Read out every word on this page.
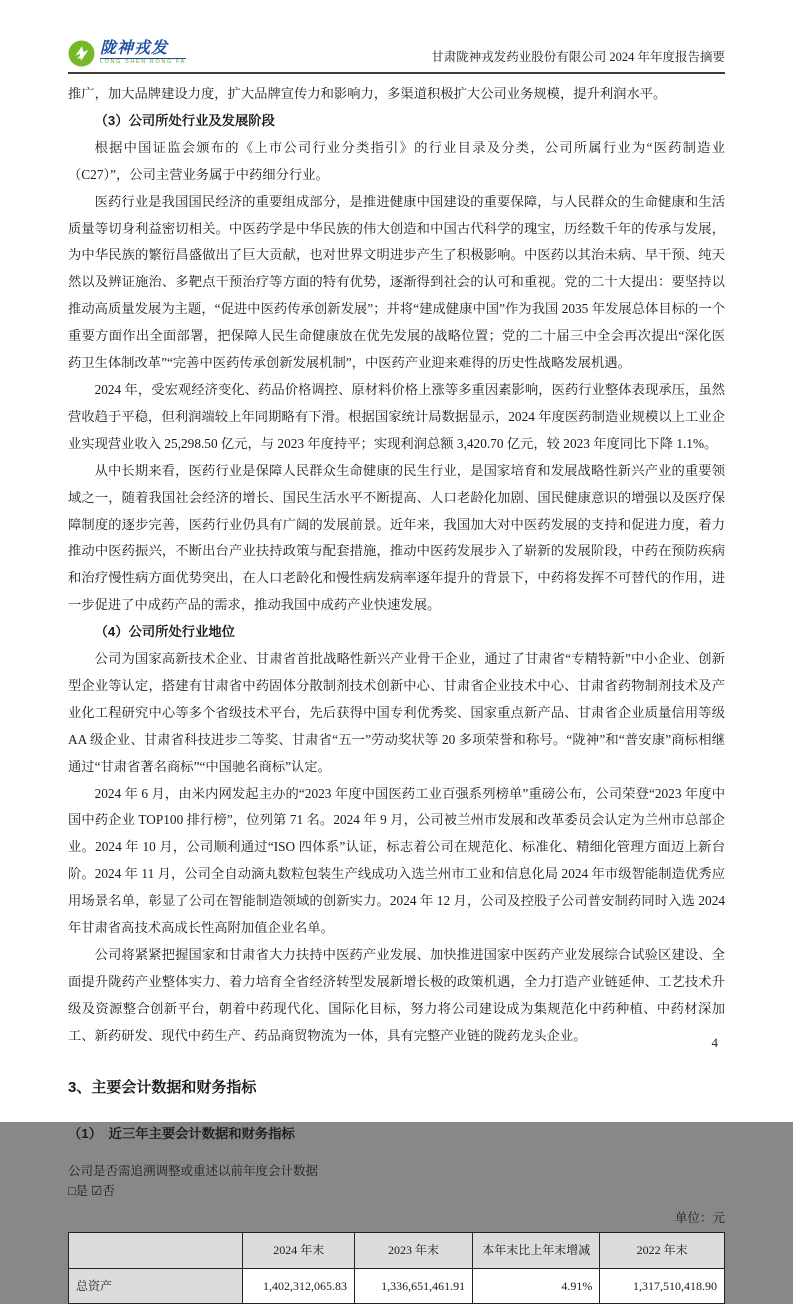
陇神戎发
LONG SHEN RONG FA	甘肃陇神戎发药业股份有限公司 2024 年年度报告摘要

推广，加大品牌建设力度，扩大品牌宣传力和影响力，多渠道积极扩大公司业务规模，提升利润水平。

（3）公司所处行业及发展阶段

根据中国证监会颁布的《上市公司行业分类指引》的行业目录及分类，公司所属行业为“医药制造业（C27）”，公司主营业务属于中药细分行业。

医药行业是我国国民经济的重要组成部分，是推进健康中国建设的重要保障，与人民群众的生命健康和生活质量等切身利益密切相关。中医药学是中华民族的伟大创造和中国古代科学的瑰宝，历经数千年的传承与发展，为中华民族的繁衍昌盛做出了巨大贡献，也对世界文明进步产生了积极影响。中医药以其治未病、早干预、纯天然以及辨证施治、多靶点干预治疗等方面的特有优势，逐渐得到社会的认可和重视。党的二十大提出：要坚持以推动高质量发展为主题，“促进中医药传承创新发展”；并将“建成健康中国”作为我国 2035 年发展总体目标的一个重要方面作出全面部署，把保障人民生命健康放在优先发展的战略位置；党的二十届三中全会再次提出“深化医药卫生体制改革”“完善中医药传承创新发展机制”，中医药产业迎来难得的历史性战略发展机遇。

2024 年，受宏观经济变化、药品价格调控、原材料价格上涨等多重因素影响，医药行业整体表现承压，虽然营收趋于平稳，但利润端较上年同期略有下滑。根据国家统计局数据显示，2024 年度医药制造业规模以上工业企业实现营业收入 25,298.50 亿元，与 2023 年度持平；实现利润总额 3,420.70 亿元，较 2023 年度同比下降 1.1%。

从中长期来看，医药行业是保障人民群众生命健康的民生行业，是国家培育和发展战略性新兴产业的重要领域之一，随着我国社会经济的增长、国民生活水平不断提高、人口老龄化加剧、国民健康意识的增强以及医疗保障制度的逐步完善，医药行业仍具有广阔的发展前景。近年来，我国加大对中医药发展的支持和促进力度，着力推动中医药振兴，不断出台产业扶持政策与配套措施，推动中医药发展步入了崭新的发展阶段，中药在预防疾病和治疗慢性病方面优势突出，在人口老龄化和慢性病发病率逐年提升的背景下，中药将发挥不可替代的作用，进一步促进了中成药产品的需求，推动我国中成药产业快速发展。

（4）公司所处行业地位

公司为国家高新技术企业、甘肃省首批战略性新兴产业骨干企业，通过了甘肃省“专精特新”中小企业、创新型企业等认定，搭建有甘肃省中药固体分散制剂技术创新中心、甘肃省企业技术中心、甘肃省药物制剂技术及产业化工程研究中心等多个省级技术平台，先后获得中国专利优秀奖、国家重点新产品、甘肃省企业质量信用等级 AA 级企业、甘肃省科技进步二等奖、甘肃省“五一”劳动奖状等 20 多项荣誉和称号。“陇神”和“普安康”商标相继通过“甘肃省著名商标”“中国驰名商标”认定。

2024 年 6 月，由米内网发起主办的“2023 年度中国医药工业百强系列榜单”重磅公布，公司荣登“2023 年度中国中药企业 TOP100 排行榜”，位列第 71 名。2024 年 9 月，公司被兰州市发展和改革委员会认定为兰州市总部企业。2024 年 10 月，公司顺利通过“ISO 四体系”认证，标志着公司在规范化、标准化、精细化管理方面迈上新台阶。2024 年 11 月，公司全自动滴丸数粒包装生产线成功入选兰州市工业和信息化局 2024 年市级智能制造优秀应用场景名单，彰显了公司在智能制造领域的创新实力。2024 年 12 月，公司及控股子公司普安制药同时入选 2024 年甘肃省高技术高成长性高附加值企业名单。

公司将紧紧把握国家和甘肃省大力扶持中医药产业发展、加快推进国家中医药产业发展综合试验区建设、全面提升陇药产业整体实力、着力培育全省经济转型发展新增长极的政策机遇，全力打造产业链延伸、工艺技术升级及资源整合创新平台，朝着中药现代化、国际化目标，努力将公司建设成为集规范化中药种植、中药材深加工、新药研发、现代中药生产、药品商贸物流为一体，具有完整产业链的陇药龙头企业。

3、主要会计数据和财务指标
（1）　近三年主要会计数据和财务指标
公司是否需追溯调整或重述以前年度会计数据
□是 ☑否
单位：元
	2024 年末	2023 年末	本年末比上年末增减	2022 年末
总资产	1,402,312,065.83	1,336,651,461.91	4.91%	1,317,510,418.90
4
